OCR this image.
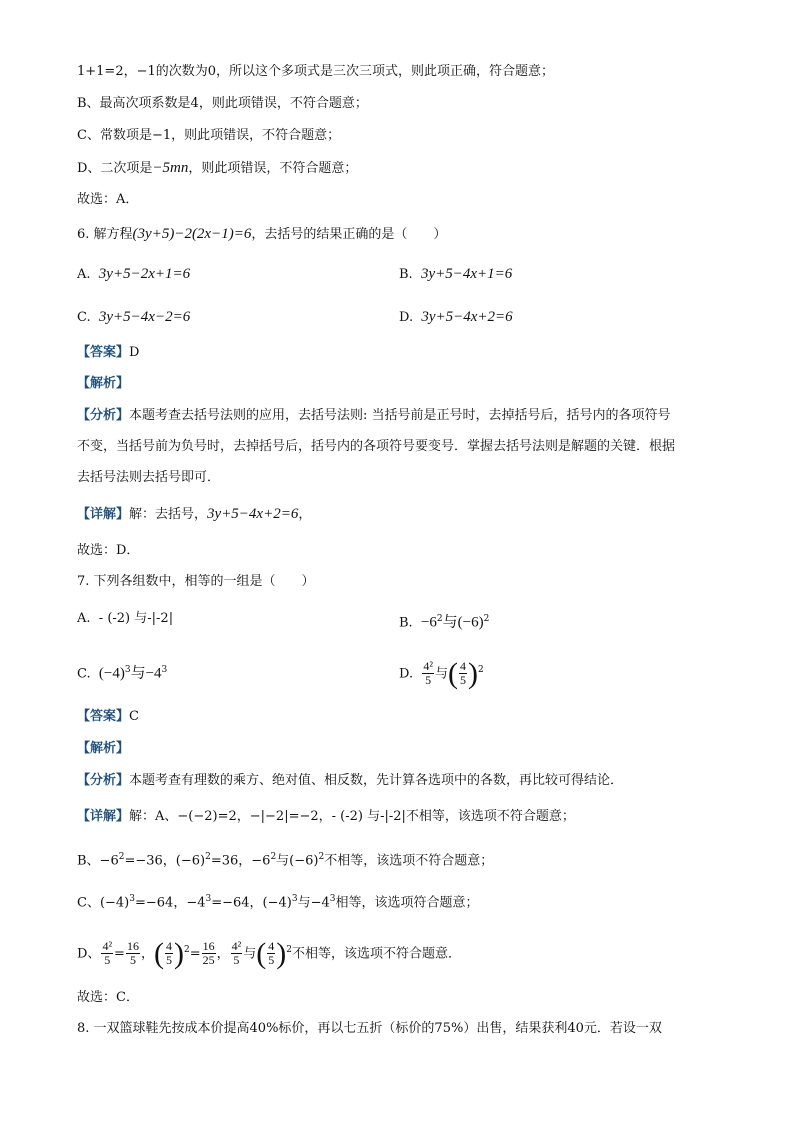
1+1=2，−1的次数为0，所以这个多项式是三次三项式，则此项正确，符合题意；
B、最高次项系数是4，则此项错误，不符合题意；
C、常数项是−1，则此项错误，不符合题意；
D、二次项是−5mn，则此项错误，不符合题意；
故选：A．
6. 解方程(3y+5)−2(2x−1)=6，去括号的结果正确的是（　　）
A. 3y+5−2x+1=6	B. 3y+5−4x+1=6
C. 3y+5−4x−2=6	D. 3y+5−4x+2=6
【答案】D
【解析】
【分析】本题考查去括号法则的应用，去括号法则: 当括号前是正号时，去掉括号后，括号内的各项符号
不变，当括号前为负号时，去掉括号后，括号内的各项符号要变号．掌握去括号法则是解题的关键．根据
去括号法则去括号即可．
【详解】解：去括号，3y+5−4x+2=6，
故选：D．
7. 下列各组数中，相等的一组是（　　）
A. - (-2) 与-|-2|	B. $-6^2$与$(-6)^2$
C. $(-4)^3$与$-4^3$	D. $\frac{\text{4²}}{5}$ 与( $\frac{4}{5} )^2$
【答案】C
【解析】
【分析】本题考查有理数的乘方、绝对值、相反数，先计算各选项中的各数，再比较可得结论．
【详解】解：A、−(−2)=2，−|−2|=−2，- (-2) 与-|-2|不相等，该选项不符合题意；
B、$-6^2=-36$，$(-6)^2=36$，$-6^2$与$(-6)^2$不相等，该选项不符合题意；
C、$(-4)^3=-64$，$-4^3=-64$，$(-4)^3$与$-4^3$相等，该选项符合题意；
D、 $\frac{\text{4²}}{5} = \frac{16}{5}$ ，( $\frac{4}{5} )^2= \frac{16}{25}$ ， $\frac{\text{4²}}{5}$ 与( $\frac{4}{5} )^2$不相等，该选项不符合题意．
故选：C．
8. 一双篮球鞋先按成本价提高40%标价，再以七五折（标价的75%）出售，结果获利40元．若设一双
